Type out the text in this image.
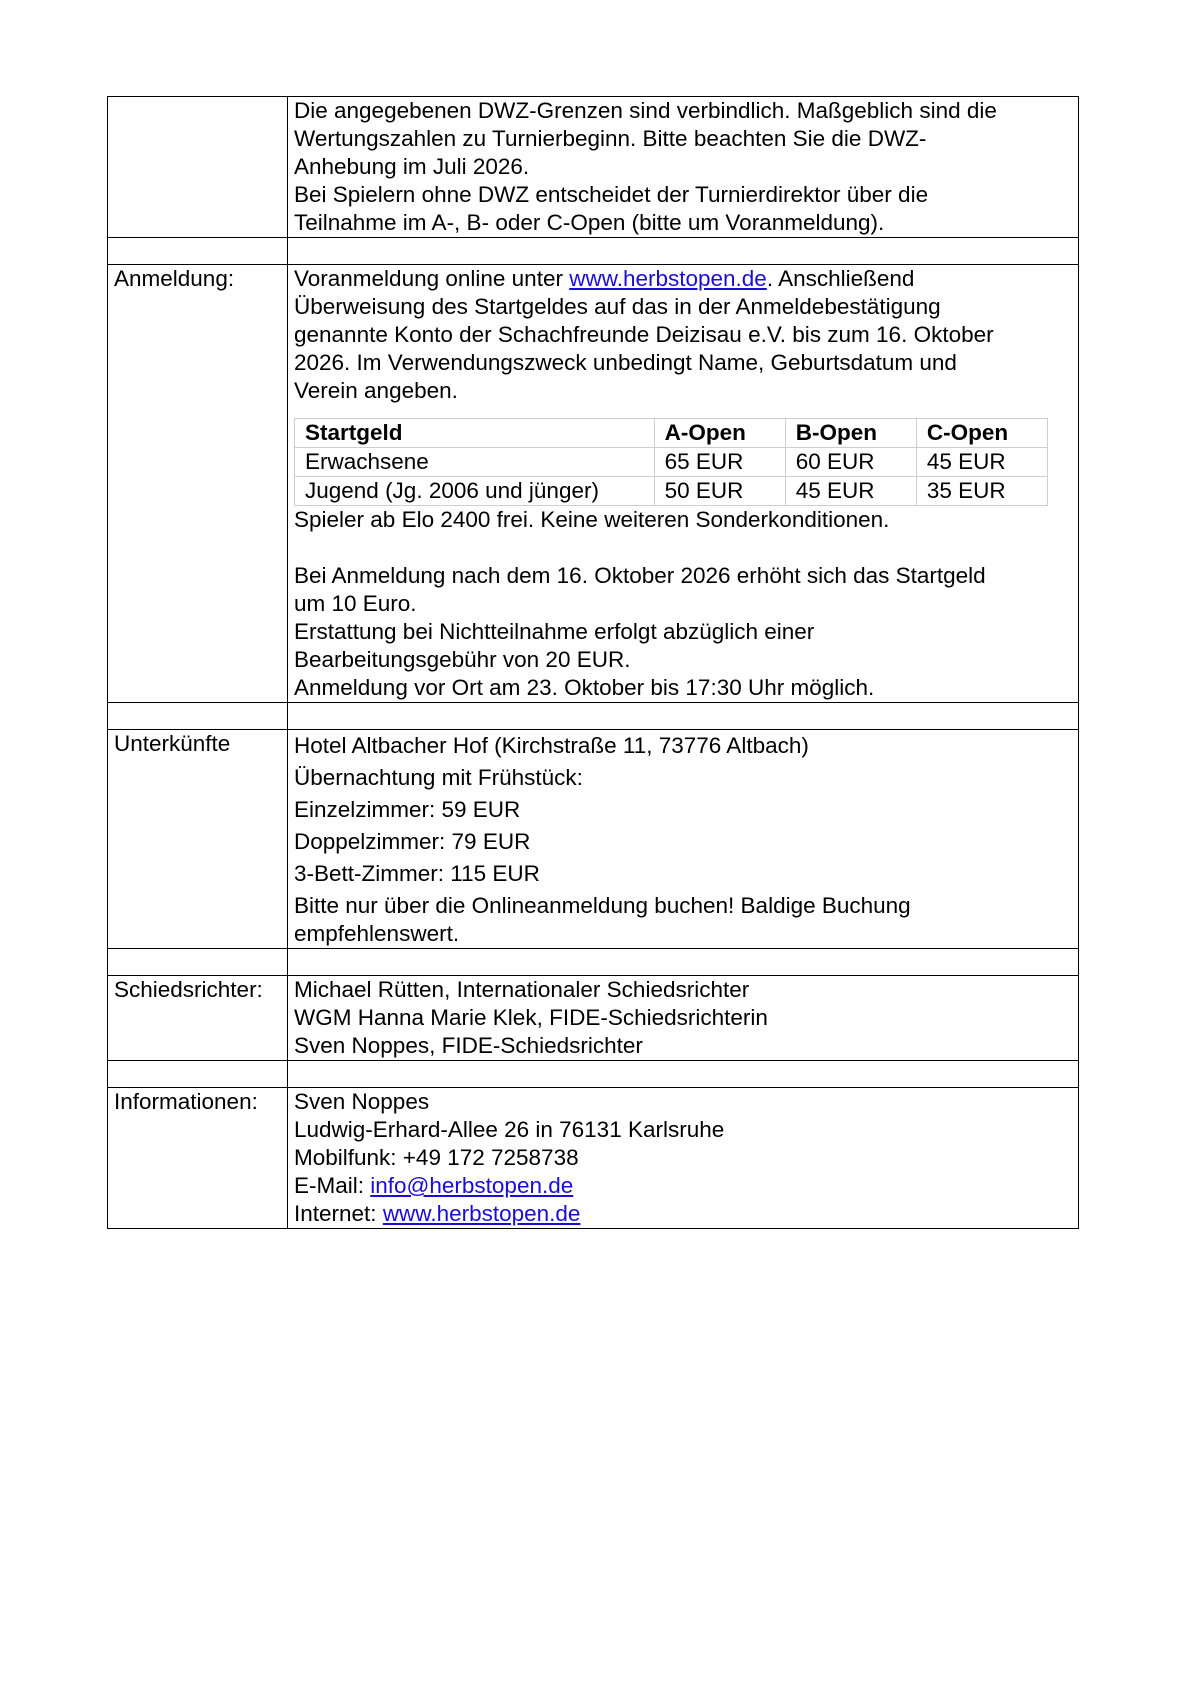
Die angegebenen DWZ-Grenzen sind verbindlich. Maßgeblich sind die
Wertungszahlen zu Turnierbeginn. Bitte beachten Sie die DWZ-
Anhebung im Juli 2026.
Bei Spielern ohne DWZ entscheidet der Turnierdirektor über die
Teilnahme im A-, B- oder C-Open (bitte um Voranmeldung).

Anmeldung:	Voranmeldung online unter www.herbstopen.de. Anschließend
Überweisung des Startgeldes auf das in der Anmeldebestätigung
genannte Konto der Schachfreunde Deizisau e.V. bis zum 16. Oktober
2026. Im Verwendungszweck unbedingt Name, Geburtsdatum und
Verein angeben.
Startgeld	A-Open	B-Open	C-Open
Erwachsene	65 EUR	60 EUR	45 EUR
Jugend (Jg. 2006 und jünger)	50 EUR	45 EUR	35 EUR
Spieler ab Elo 2400 frei. Keine weiteren Sonderkonditionen.
Bei Anmeldung nach dem 16. Oktober 2026 erhöht sich das Startgeld
um 10 Euro.
Erstattung bei Nichtteilnahme erfolgt abzüglich einer
Bearbeitungsgebühr von 20 EUR.
Anmeldung vor Ort am 23. Oktober bis 17:30 Uhr möglich.

Unterkünfte	Hotel Altbacher Hof (Kirchstraße 11, 73776 Altbach)
Übernachtung mit Frühstück:
Einzelzimmer: 59 EUR
Doppelzimmer: 79 EUR
3-Bett-Zimmer: 115 EUR
Bitte nur über die Onlineanmeldung buchen! Baldige Buchung
empfehlenswert.

Schiedsrichter:	Michael Rütten, Internationaler Schiedsrichter
WGM Hanna Marie Klek, FIDE-Schiedsrichterin
Sven Noppes, FIDE-Schiedsrichter

Informationen:	Sven Noppes
Ludwig-Erhard-Allee 26 in 76131 Karlsruhe
Mobilfunk: +49 172 7258738
E-Mail: info@herbstopen.de
Internet: www.herbstopen.de
